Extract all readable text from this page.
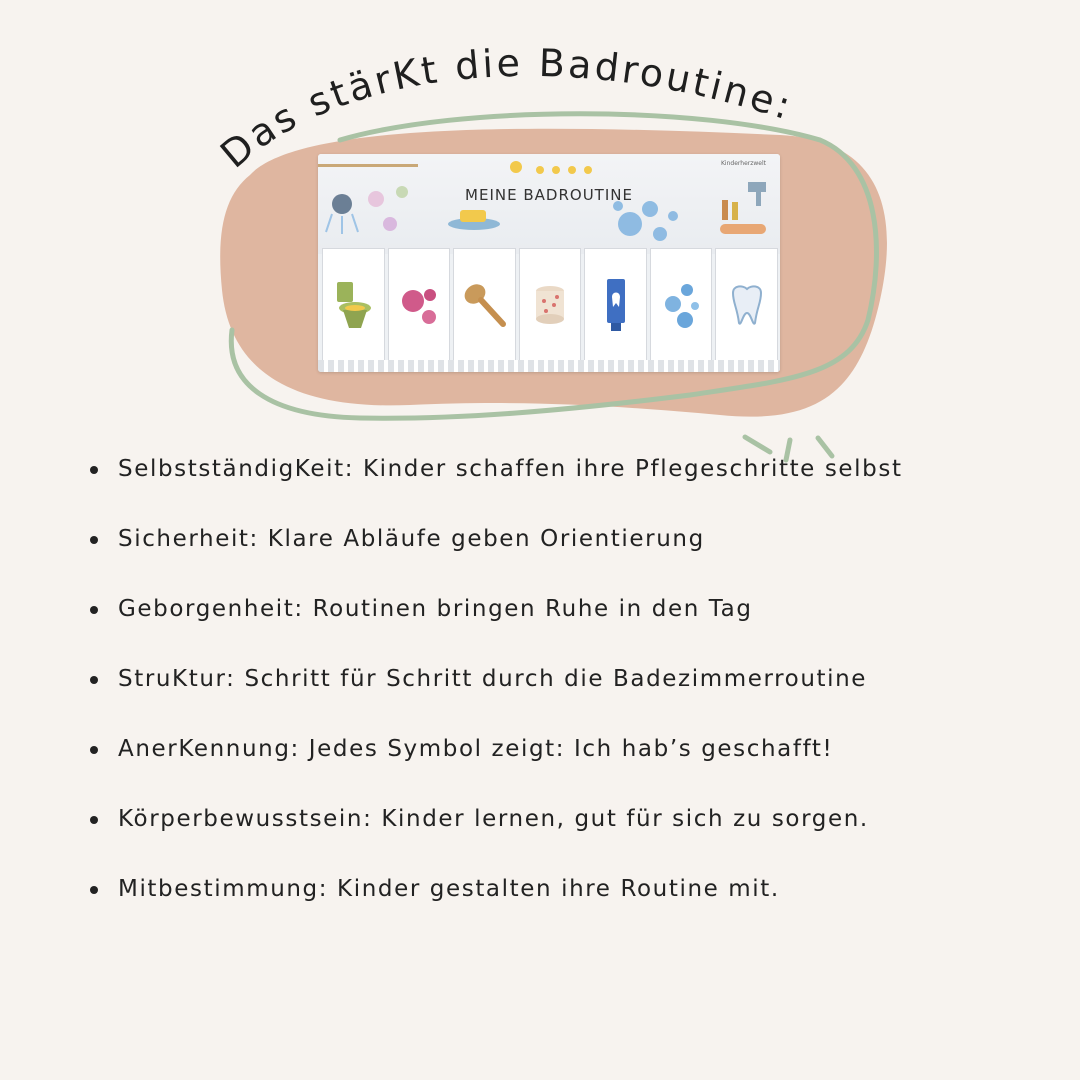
Das stärKt die Badroutine:
Kinderherzwelt
MEINE BADROUTINE
SelbstständigKeit: Kinder schaffen ihre Pflegeschritte selbst
Sicherheit: Klare Abläufe geben Orientierung
Geborgenheit: Routinen bringen Ruhe in den Tag
StruKtur: Schritt für Schritt durch die Badezimmerroutine
AnerKennung: Jedes Symbol zeigt: Ich hab’s geschafft!
Körperbewusstsein: Kinder lernen, gut für sich zu sorgen.
Mitbestimmung: Kinder gestalten ihre Routine mit.
